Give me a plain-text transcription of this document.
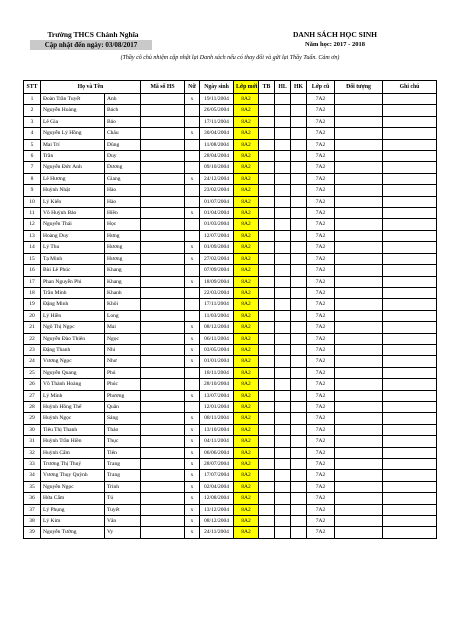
Trường THCS Chánh Nghĩa
Cập nhật đến ngày: 03/08/2017
DANH SÁCH HỌC SINH
Năm học: 2017 - 2018
(Thầy cô chủ nhiệm cập nhật lại Danh sách nếu có thay đổi và gửi lại Thầy Tuấn. Cảm ơn)
STT	Họ và Tên		Mã số HS	Nữ	Ngày sinh	Lớp mới	TB	HL	HK	Lớp cũ	Đối tượng	Ghi chú
1	Đoàn Trần Tuyết	Anh		x	19/11/2004	8A2				7A2		
2	Nguyễn Hoàng	Bách			26/05/2004	8A2				7A2		
3	Lê Gia	Bảo			17/11/2004	8A2				7A2		
4	Nguyễn Lý Hồng	Châu		x	30/04/2004	8A2				7A2		
5	Mai Trí	Dũng			11/08/2004	8A2				7A2		
6	Trần	Duy			28/04/2004	8A2				7A2		
7	Nguyễn Đức Anh	Dương			09/10/2004	8A2				7A2		
8	Lê Hương	Giang		x	24/12/2004	8A2				7A2		
9	Huỳnh Nhật	Hào			23/02/2004	8A2				7A2		
10	Lý Kiến	Hào			01/07/2004	8A2				7A2		
11	Võ Huỳnh Bảo	Hiền		x	01/04/2004	8A2				7A2		
12	Nguyễn Thái	Học			01/03/2004	8A2				7A2		
13	Hoàng Duy	Hưng			12/07/2004	8A2				7A2		
14	Lý Thu	Hương		x	01/09/2004	8A2				7A2		
15	Tạ Minh	Hương		x	27/02/2004	8A2				7A2		
16	Bùi Lê Phúc	Khang			07/09/2004	8A2				7A2		
17	Phan Nguyễn Phi	Khang		x	18/09/2004	8A2				7A2		
18	Trần Minh	Khanh			22/03/2004	8A2				7A2		
19	Đặng Minh	Khôi			17/11/2004	8A2				7A2		
20	Lý Hiền	Long			11/03/2004	8A2				7A2		
21	Ngô Thị Ngọc	Mai		x	08/12/2004	8A2				7A2		
22	Nguyễn Đào Thiên	Ngọc		x	06/11/2004	8A2				7A2		
23	Đặng Thanh	Nhi		x	03/05/2004	8A2				7A2		
24	Vương Ngọc	Như		x	01/01/2004	8A2				7A2		
25	Nguyễn Quang	Phú			18/11/2004	8A2				7A2		
26	Võ Thành Hoàng	Phúc			28/10/2004	8A2				7A2		
27	Lý Minh	Phương		x	13/07/2004	8A2				7A2		
28	Huỳnh Hồng Thế	Quân			12/01/2004	8A2				7A2		
29	Huỳnh Ngọc	Sáng		x	08/11/2004	8A2				7A2		
30	Tiêu Thị Thanh	Thảo		x	13/10/2004	8A2				7A2		
31	Huỳnh Trần Hiền	Thục		x	04/11/2004	8A2				7A2		
32	Huỳnh Cẩm	Tiên		x	06/06/2004	8A2				7A2		
33	Trương Thị Thuý	Trang		x	28/07/2004	8A2				7A2		
34	Vương Thụy Quỳnh	Trang		x	17/07/2004	8A2				7A2		
35	Nguyễn Ngọc	Trinh		x	02/04/2004	8A2				7A2		
36	Hứa Cẩm	Tú		x	12/08/2004	8A2				7A2		
37	Lý Phụng	Tuyết		x	13/12/2004	8A2				7A2		
38	Lý Kim	Vân		x	08/12/2004	8A2				7A2		
39	Nguyễn Tường	Vy		x	24/11/2004	8A2				7A2		
